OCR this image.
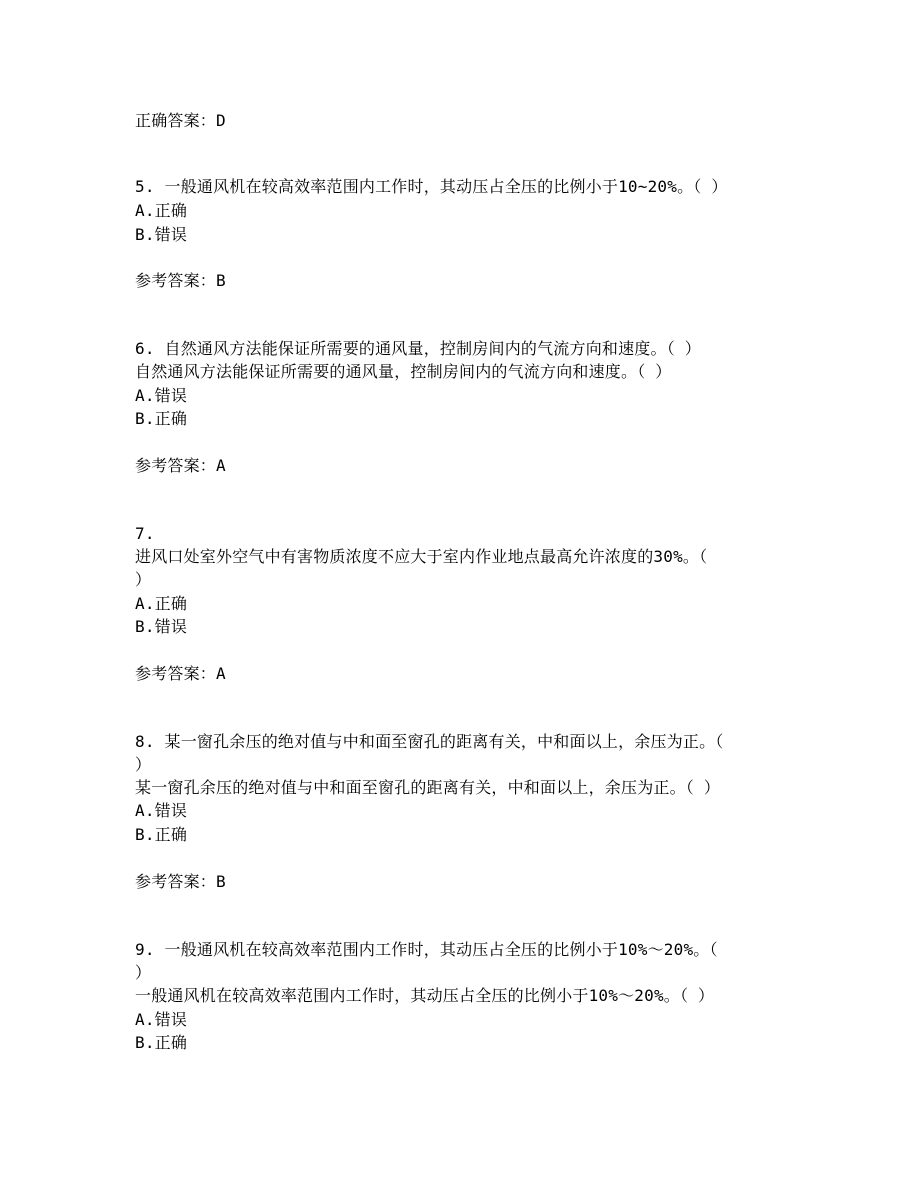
正确答案：D
5. 一般通风机在较高效率范围内工作时，其动压占全压的比例小于10~20%。（ ）
A.正确
B.错误
参考答案：B
6. 自然通风方法能保证所需要的通风量，控制房间内的气流方向和速度。（ ）
自然通风方法能保证所需要的通风量，控制房间内的气流方向和速度。（ ）
A.错误
B.正确
参考答案：A
7.
进风口处室外空气中有害物质浓度不应大于室内作业地点最高允许浓度的30%。（
）
A.正确
B.错误
参考答案：A
8. 某一窗孔余压的绝对值与中和面至窗孔的距离有关，中和面以上，余压为正。（
）
某一窗孔余压的绝对值与中和面至窗孔的距离有关，中和面以上，余压为正。（ ）
A.错误
B.正确
参考答案：B
9. 一般通风机在较高效率范围内工作时，其动压占全压的比例小于10%～20%。（
）
一般通风机在较高效率范围内工作时，其动压占全压的比例小于10%～20%。（ ）
A.错误
B.正确
